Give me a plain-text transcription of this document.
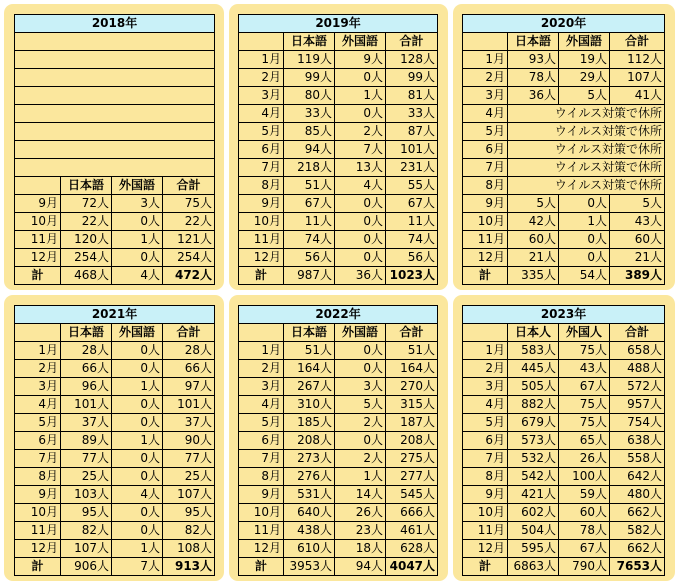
2018年			

	日本語	外国語	合計
9月	72人	3人	75人
10月	22人	0人	22人
11月	120人	1人	121人
12月	254人	0人	254人
計	468人	4人	472人
2019年			
	日本語	外国語	合計
1月	119人	9人	128人
2月	99人	0人	99人
3月	80人	1人	81人
4月	33人	0人	33人
5月	85人	2人	87人
6月	94人	7人	101人
7月	218人	13人	231人
8月	51人	4人	55人
9月	67人	0人	67人
10月	11人	0人	11人
11月	74人	0人	74人
12月	56人	0人	56人
計	987人	36人	1023人
2020年			
	日本語	外国語	合計
1月	93人	19人	112人
2月	78人	29人	107人
3月	36人	5人	41人
4月	ウイルス対策で休所		
5月	ウイルス対策で休所		
6月	ウイルス対策で休所		
7月	ウイルス対策で休所		
8月	ウイルス対策で休所		
9月	5人	0人	5人
10月	42人	1人	43人
11月	60人	0人	60人
12月	21人	0人	21人
計	335人	54人	389人
2021年			
	日本語	外国語	合計
1月	28人	0人	28人
2月	66人	0人	66人
3月	96人	1人	97人
4月	101人	0人	101人
5月	37人	0人	37人
6月	89人	1人	90人
7月	77人	0人	77人
8月	25人	0人	25人
9月	103人	4人	107人
10月	95人	0人	95人
11月	82人	0人	82人
12月	107人	1人	108人
計	906人	7人	913人
2022年			
	日本語	外国語	合計
1月	51人	0人	51人
2月	164人	0人	164人
3月	267人	3人	270人
4月	310人	5人	315人
5月	185人	2人	187人
6月	208人	0人	208人
7月	273人	2人	275人
8月	276人	1人	277人
9月	531人	14人	545人
10月	640人	26人	666人
11月	438人	23人	461人
12月	610人	18人	628人
計	3953人	94人	4047人
2023年			
	日本人	外国人	合計
1月	583人	75人	658人
2月	445人	43人	488人
3月	505人	67人	572人
4月	882人	75人	957人
5月	679人	75人	754人
6月	573人	65人	638人
7月	532人	26人	558人
8月	542人	100人	642人
9月	421人	59人	480人
10月	602人	60人	662人
11月	504人	78人	582人
12月	595人	67人	662人
計	6863人	790人	7653人
